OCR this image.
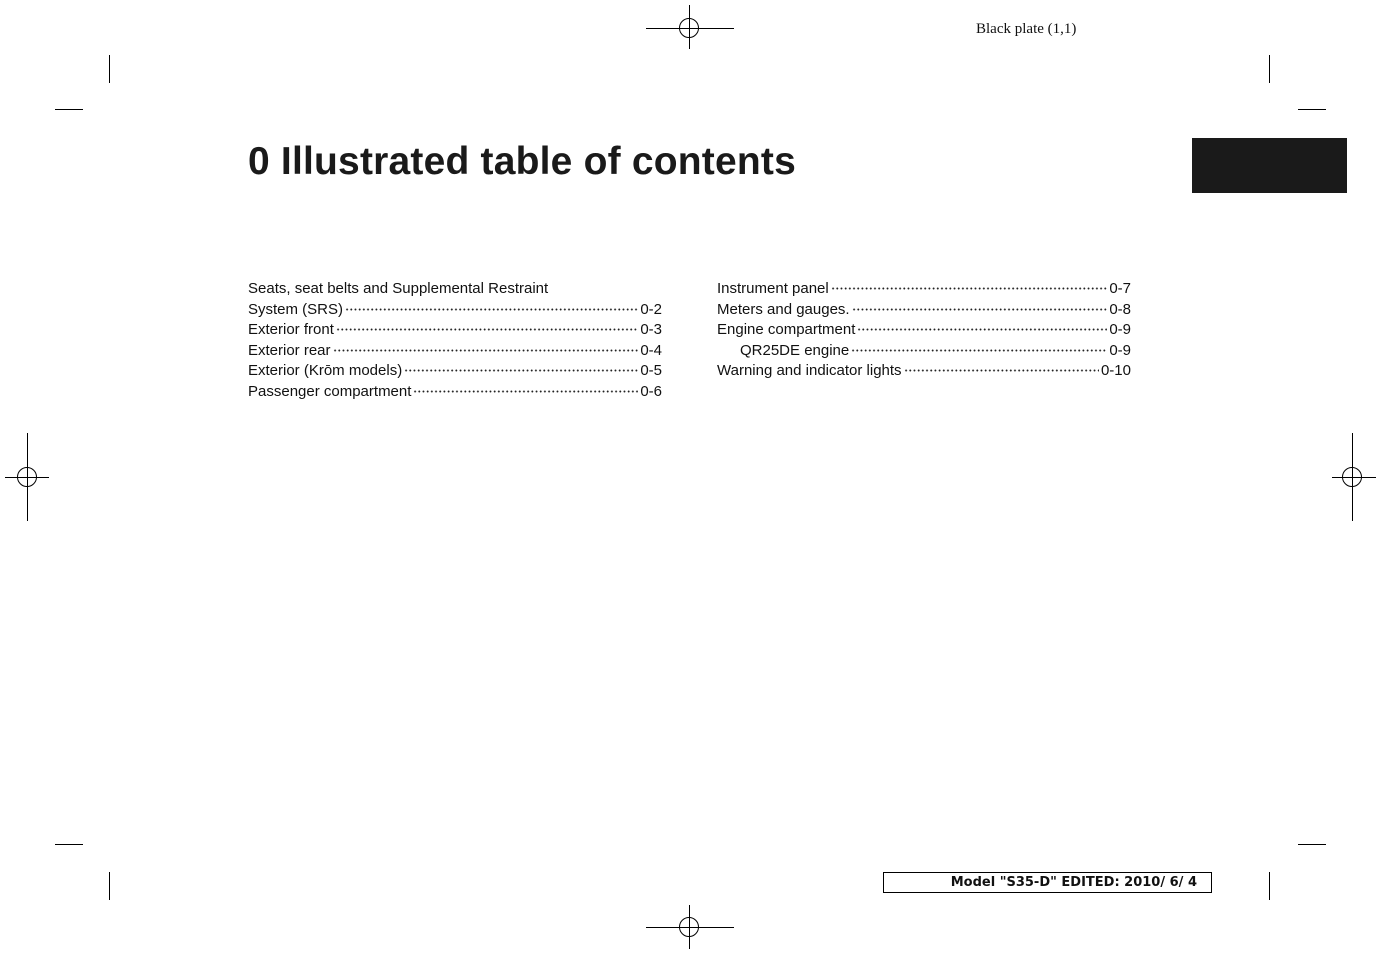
Black plate (1,1)
0 Illustrated table of contents
Seats, seat belts and Supplemental Restraint
System (SRS)	0-2
Exterior front	0-3
Exterior rear	0-4
Exterior (Krōm models)	0-5
Passenger compartment	0-6
Instrument panel	0-7
Meters and gauges.	0-8
Engine compartment	0-9
QR25DE engine	0-9
Warning and indicator lights	0-10
Model "S35-D" EDITED: 2010/ 6/ 4
